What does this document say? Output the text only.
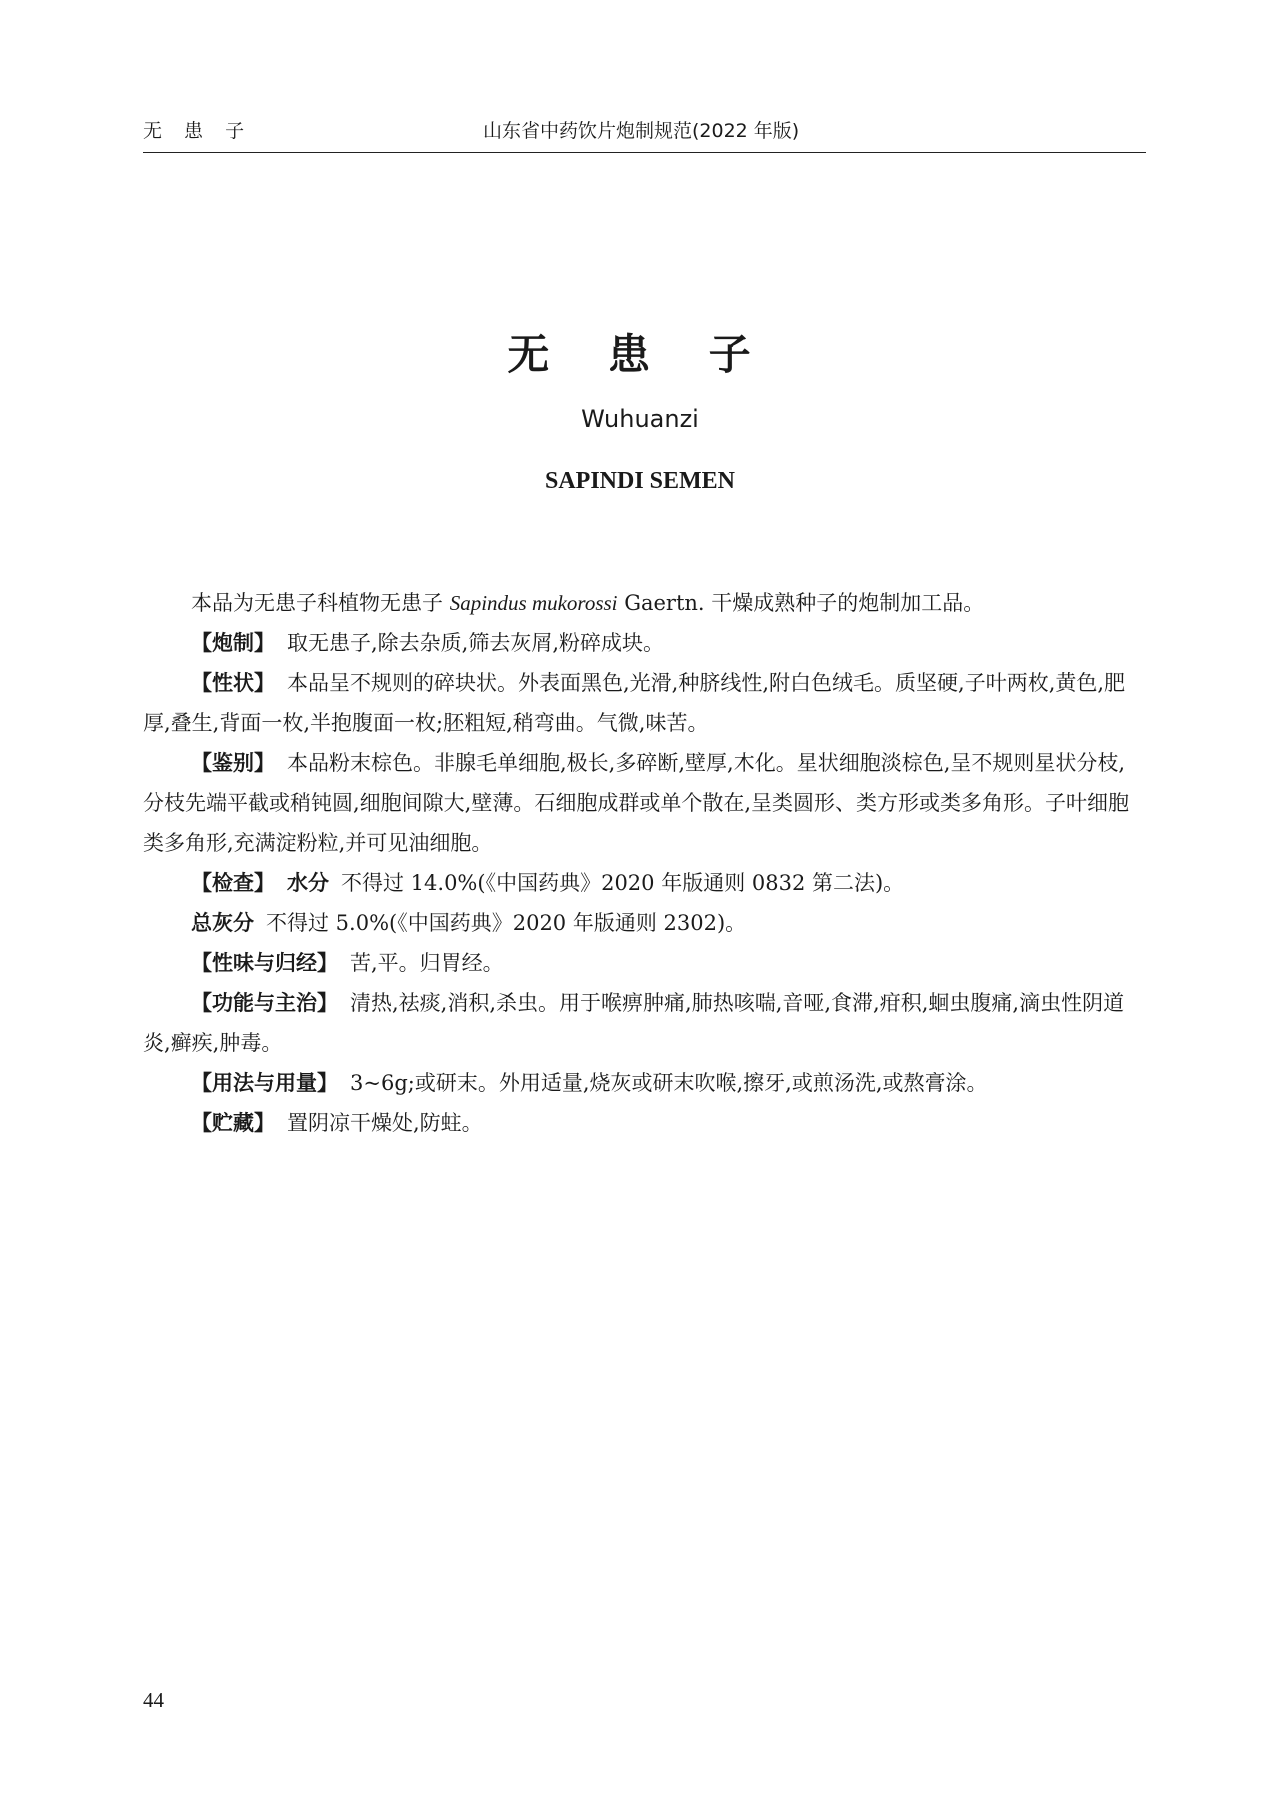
无 患 子	山东省中药饮片炮制规范(2022 年版)
无 患 子
Wuhuanzi
SAPINDI SEMEN

本品为无患子科植物无患子 Sapindus mukorossi Gaertn. 干燥成熟种子的炮制加工品。

【炮制】 取无患子,除去杂质,筛去灰屑,粉碎成块。

【性状】 本品呈不规则的碎块状。外表面黑色,光滑,种脐线性,附白色绒毛。质坚硬,子叶两枚,黄色,肥厚,叠生,背面一枚,半抱腹面一枚;胚粗短,稍弯曲。气微,味苦。

【鉴别】 本品粉末棕色。非腺毛单细胞,极长,多碎断,壁厚,木化。星状细胞淡棕色,呈不规则星状分枝,分枝先端平截或稍钝圆,细胞间隙大,壁薄。石细胞成群或单个散在,呈类圆形、类方形或类多角形。子叶细胞类多角形,充满淀粉粒,并可见油细胞。

【检查】 水分 不得过 14.0%(《中国药典》2020 年版通则 0832 第二法)。

总灰分 不得过 5.0%(《中国药典》2020 年版通则 2302)。

【性味与归经】 苦,平。归胃经。

【功能与主治】 清热,祛痰,消积,杀虫。用于喉痹肿痛,肺热咳喘,音哑,食滞,疳积,蛔虫腹痛,滴虫性阴道炎,癣疾,肿毒。

【用法与用量】 3~6g;或研末。外用适量,烧灰或研末吹喉,擦牙,或煎汤洗,或熬膏涂。

【贮藏】 置阴凉干燥处,防蛀。

44
